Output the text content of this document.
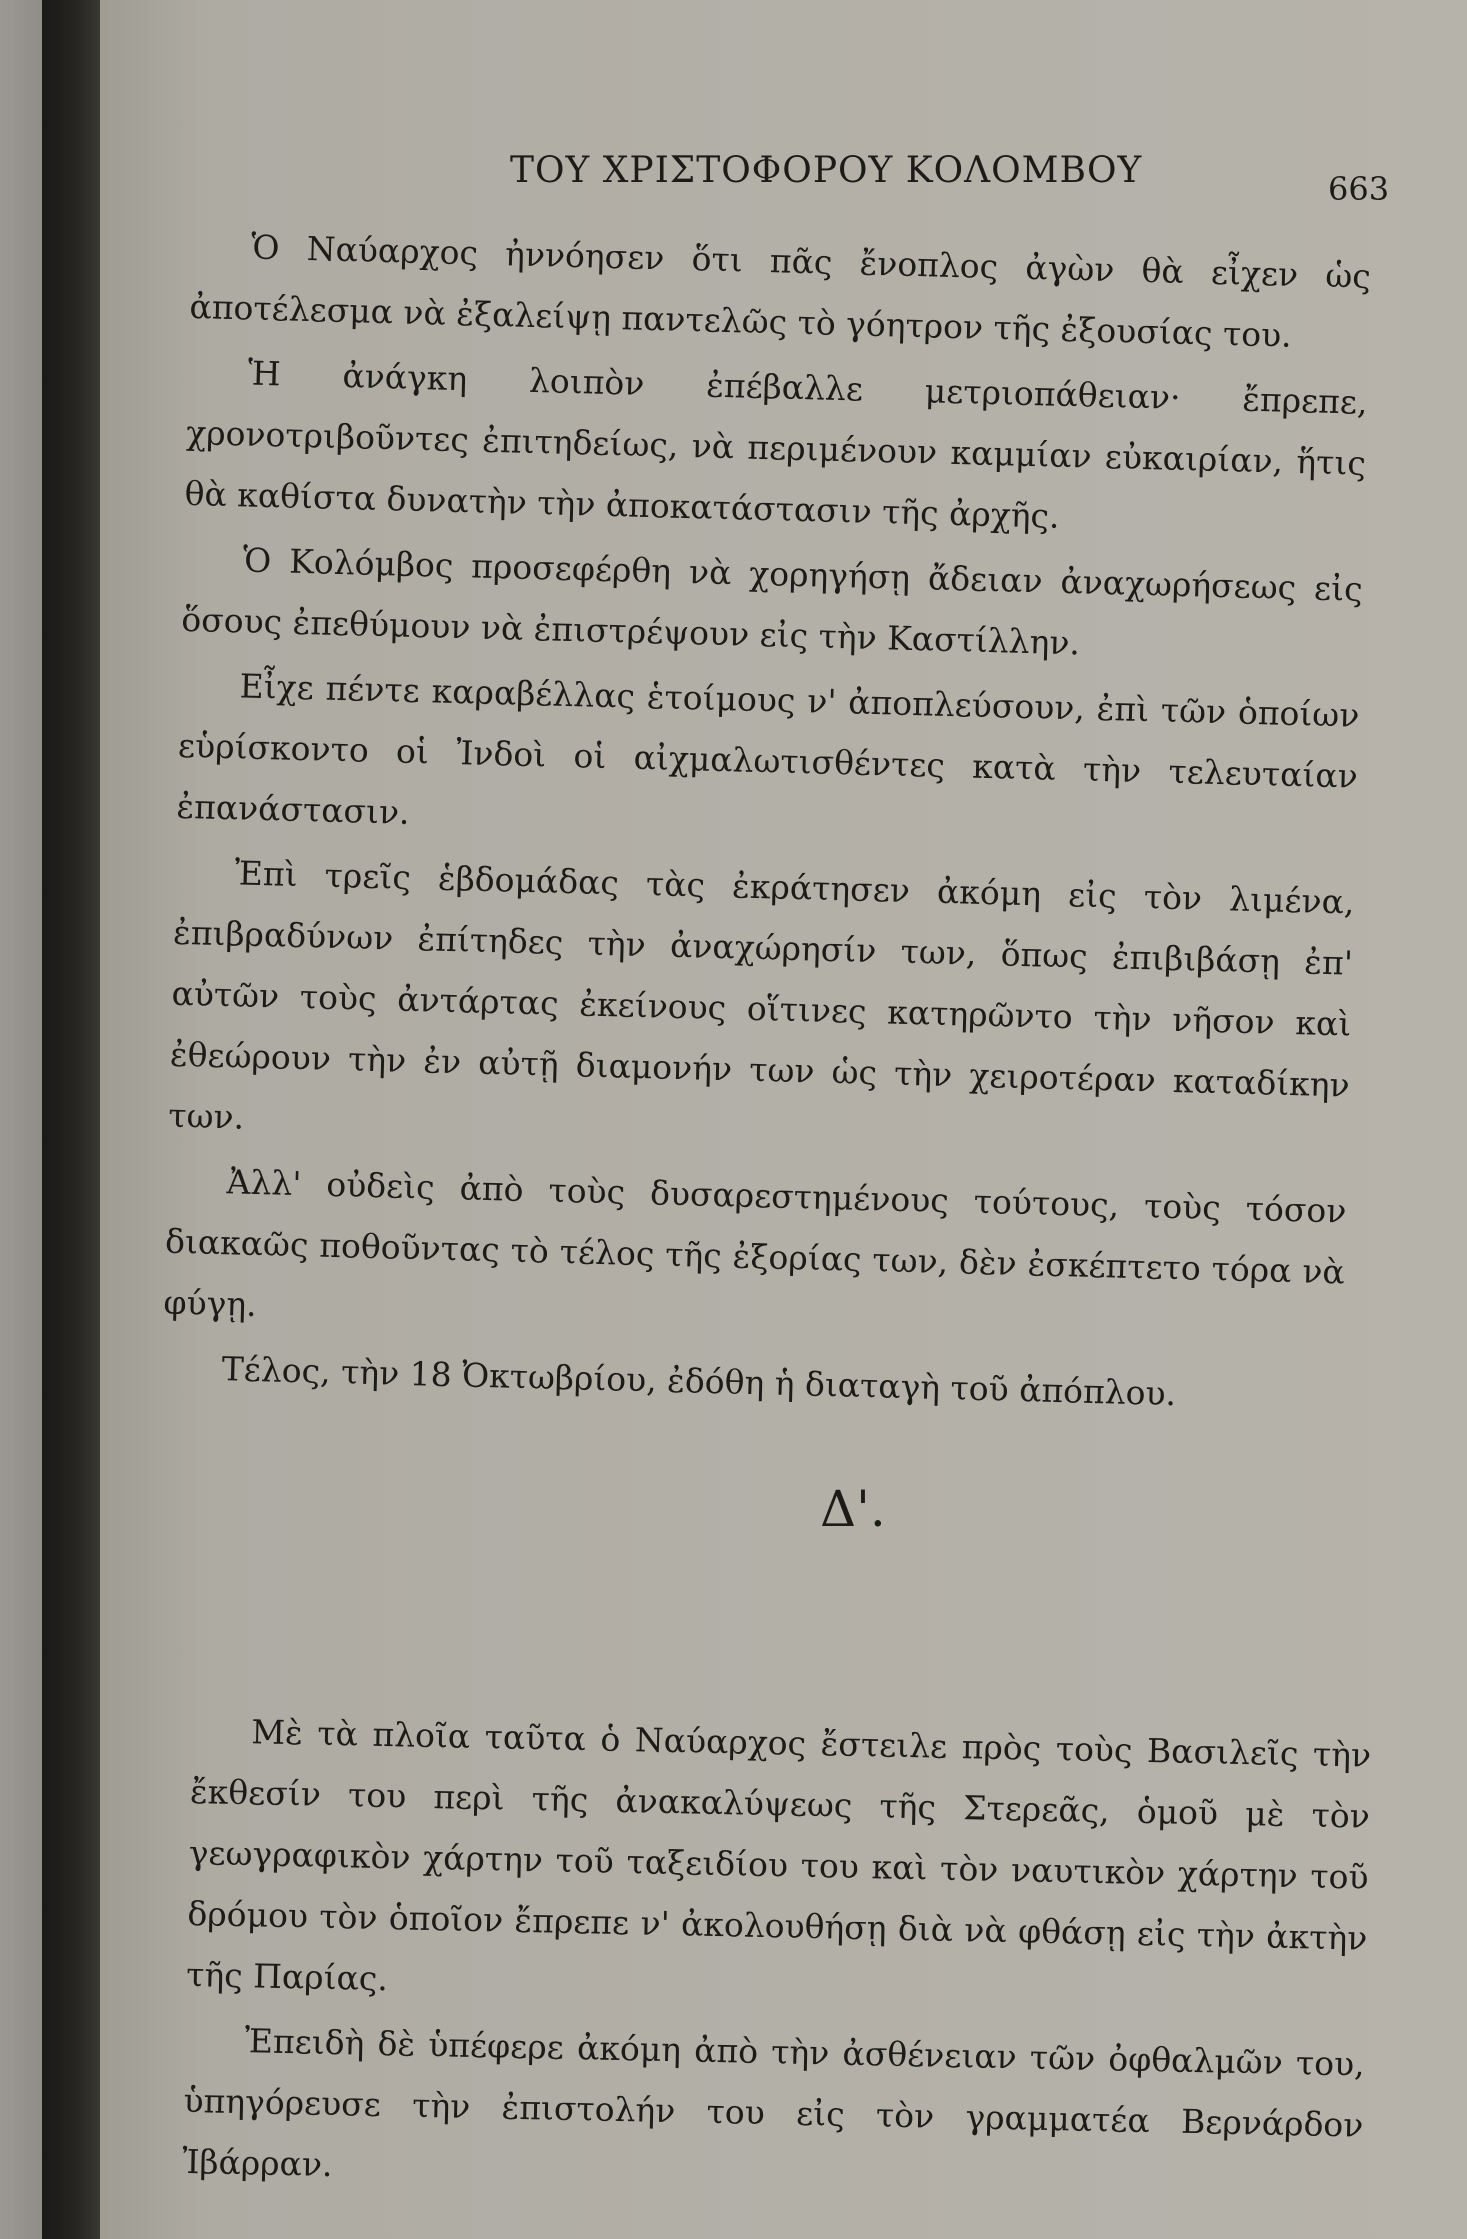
ΤΟΥ ΧΡΙΣΤΟΦΟΡΟΥ ΚΟΛΟΜΒΟΥ	663

Ὁ Ναύαρχος ἠννόησεν ὅτι πᾶς ἔνοπλος ἀγὼν θὰ εἶχεν ὡς ἀποτέλεσμα νὰ ἐξαλείψῃ παντελῶς τὸ γόητρον τῆς ἐξουσίας του.

Ἡ ἀνάγκη λοιπὸν ἐπέβαλλε μετριοπάθειαν· ἔπρεπε, χρονοτριβοῦντες ἐπιτηδείως, νὰ περιμένουν καμμίαν εὐκαιρίαν, ἥτις θὰ καθίστα δυνατὴν τὴν ἀποκατάστασιν τῆς ἀρχῆς.

Ὁ Κολόμβος προσεφέρθη νὰ χορηγήσῃ ἄδειαν ἀναχωρήσεως εἰς ὅσους ἐπεθύμουν νὰ ἐπιστρέψουν εἰς τὴν Καστίλλην.

Εἶχε πέντε καραβέλλας ἑτοίμους ν' ἀποπλεύσουν, ἐπὶ τῶν ὁποίων εὑρίσκοντο οἱ Ἰνδοὶ οἱ αἰχμαλωτισθέντες κατὰ τὴν τελευταίαν ἐπανάστασιν.

Ἐπὶ τρεῖς ἑβδομάδας τὰς ἐκράτησεν ἀκόμη εἰς τὸν λιμένα, ἐπιβραδύνων ἐπίτηδες τὴν ἀναχώρησίν των, ὅπως ἐπιβιβάσῃ ἐπ' αὐτῶν τοὺς ἀντάρτας ἐκείνους οἵτινες κατηρῶντο τὴν νῆσον καὶ ἐθεώρουν τὴν ἐν αὐτῇ διαμονήν των ὡς τὴν χειροτέραν καταδίκην των.

Ἀλλ' οὐδεὶς ἀπὸ τοὺς δυσαρεστημένους τούτους, τοὺς τόσον διακαῶς ποθοῦντας τὸ τέλος τῆς ἐξορίας των, δὲν ἐσκέπτετο τόρα νὰ φύγῃ.

Τέλος, τὴν 18 Ὀκτωβρίου, ἐδόθη ἡ διαταγὴ τοῦ ἀπόπλου.

Δ'.

Μὲ τὰ πλοῖα ταῦτα ὁ Ναύαρχος ἔστειλε πρὸς τοὺς Βασιλεῖς τὴν ἔκθεσίν του περὶ τῆς ἀνακαλύψεως τῆς Στερεᾶς, ὁμοῦ μὲ τὸν γεωγραφικὸν χάρτην τοῦ ταξειδίου του καὶ τὸν ναυτικὸν χάρτην τοῦ δρόμου τὸν ὁποῖον ἔπρεπε ν' ἀκολουθήσῃ διὰ νὰ φθάσῃ εἰς τὴν ἀκτὴν τῆς Παρίας.

Ἐπειδὴ δὲ ὑπέφερε ἀκόμη ἀπὸ τὴν ἀσθένειαν τῶν ὀφθαλμῶν του, ὑπηγόρευσε τὴν ἐπιστολήν του εἰς τὸν γραμματέα Βερνάρδον Ἰβάρραν.
